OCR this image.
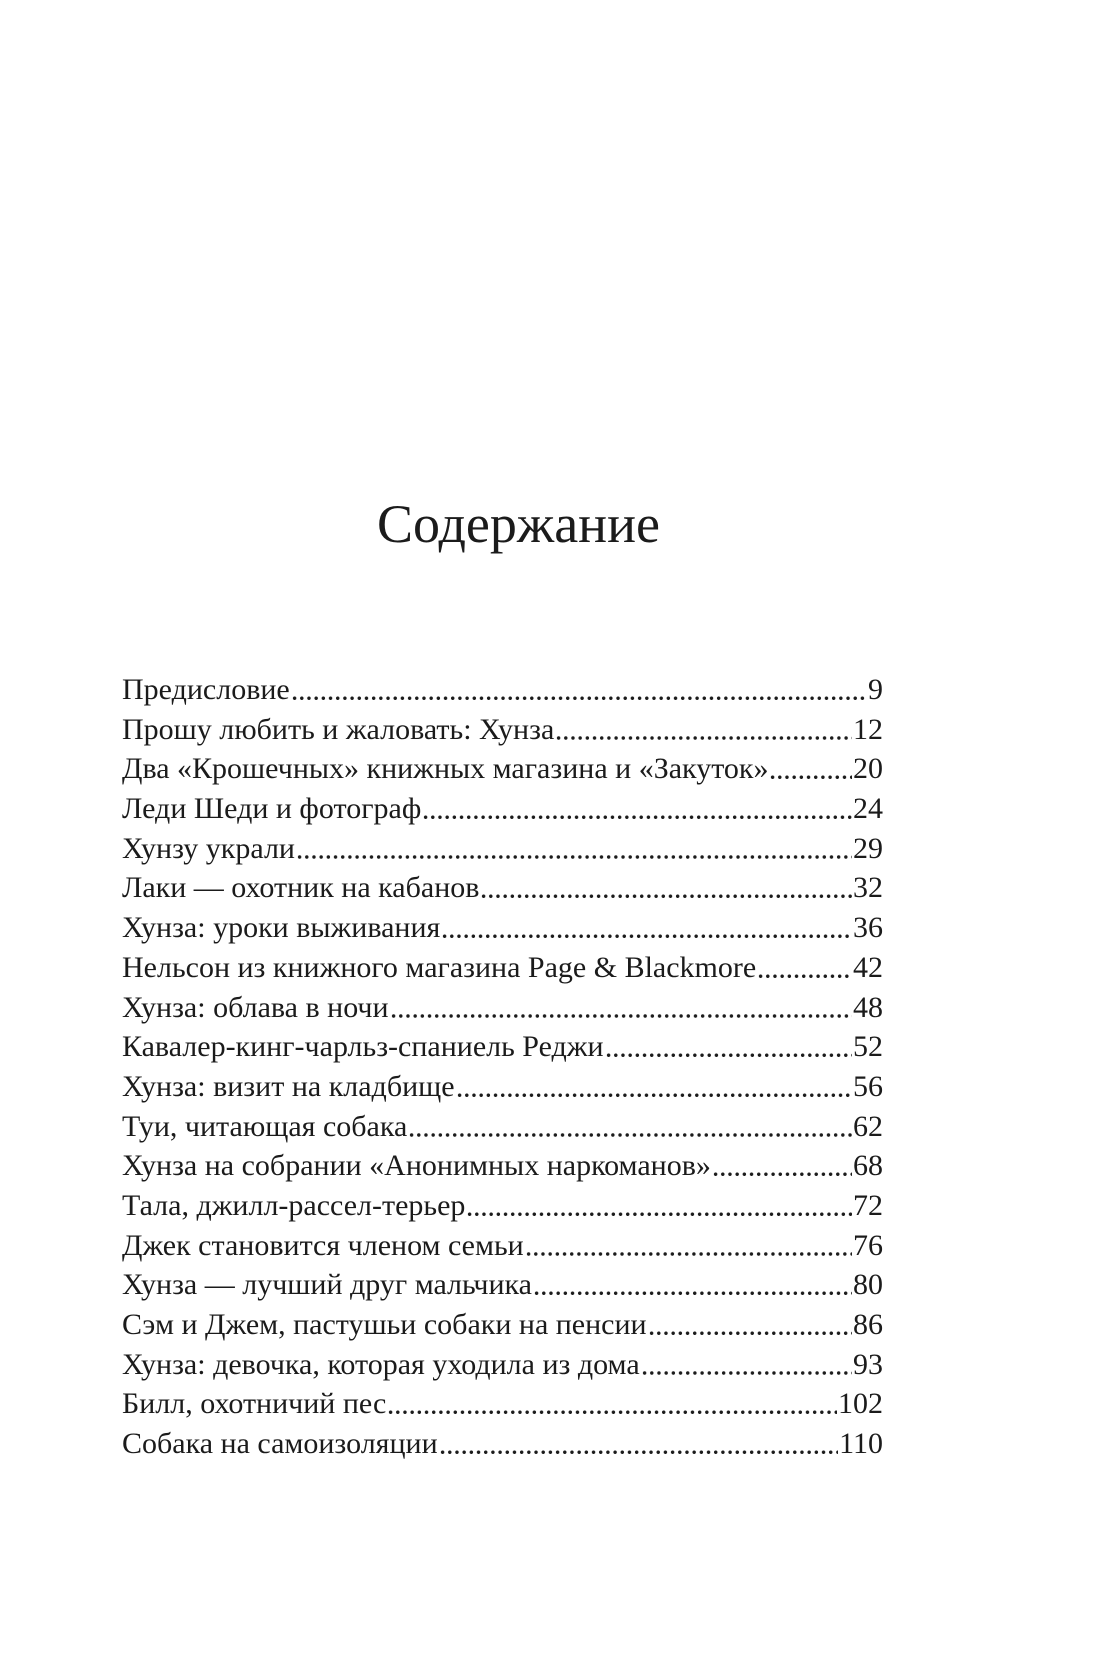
Содержание
Предисловие	9
Прошу любить и жаловать: Хунза	12
Два «Крошечных» книжных магазина и «Закуток»	20
Леди Шеди и фотограф	24
Хунзу украли	29
Лаки — охотник на кабанов	32
Хунза: уроки выживания	36
Нельсон из книжного магазина Page & Blackmore	42
Хунза: облава в ночи	48
Кавалер-кинг-чарльз-спаниель Реджи	52
Хунза: визит на кладбище	56
Туи, читающая собака	62
Хунза на собрании «Анонимных наркоманов»	68
Тала, джилл-рассел-терьер	72
Джек становится членом семьи	76
Хунза — лучший друг мальчика	80
Сэм и Джем, пастушьи собаки на пенсии	86
Хунза: девочка, которая уходила из дома	93
Билл, охотничий пес	102
Собака на самоизоляции	110
